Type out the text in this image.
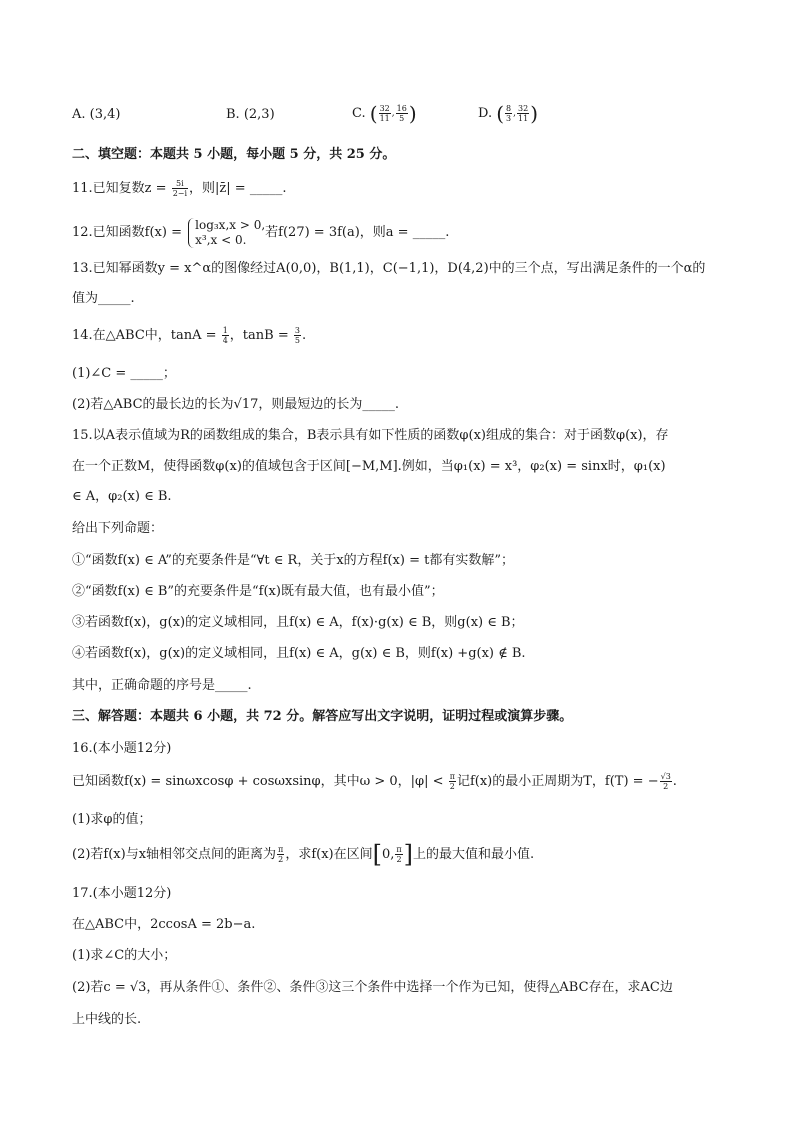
A. (3,4)	B. (2,3)	C. ( $\frac{32}{11}$ , $\frac{16}{5}$ )	D. ( $\frac{8}{3}$ , $\frac{32}{11}$ )
二、填空题：本题共 5 小题，每小题 5 分，共 25 分。
11.已知复数$z = \frac{5i}{2-i}$ ，则|z̄| = _____.
12.已知函数f(x) =
log₃x,x > 0,
x³,x < 0.	若f(27) = 3f(a)，则a = _____.
13.已知幂函数y = x^α的图像经过A(0,0)，B(1,1)，C(−1,1)，D(4,2)中的三个点，写出满足条件的一个α的
值为_____.
14.在△ABC中，$\tan A = \frac{1}{4}$ ，$\tan B = \frac{3}{5}$ .
(1)∠C = _____；
(2)若△ABC的最长边的长为√17，则最短边的长为_____.
15.以A表示值域为R的函数组成的集合，B表示具有如下性质的函数φ(x)组成的集合：对于函数φ(x)，存
在一个正数M，使得函数φ(x)的值域包含于区间[−M,M].例如，当φ₁(x) = x³，φ₂(x) = sinx时，φ₁(x)
∈ A，φ₂(x) ∈ B.
给出下列命题：
①“函数f(x) ∈ A”的充要条件是“∀t ∈ R，关于x的方程f(x) = t都有实数解”；
②“函数f(x) ∈ B”的充要条件是“f(x)既有最大值，也有最小值”；
③若函数f(x)，g(x)的定义域相同，且f(x) ∈ A，f(x)·g(x) ∈ B，则g(x) ∈ B；
④若函数f(x)，g(x)的定义域相同，且f(x) ∈ A，g(x) ∈ B，则f(x) +g(x) ∉ B.
其中，正确命题的序号是_____.
三、解答题：本题共 6 小题，共 72 分。解答应写出文字说明，证明过程或演算步骤。
16.(本小题12分)
已知函数f(x) = sinωxcosφ + cosωxsinφ，其中ω > 0，$|\varphi| < \frac{\pi}{2}$ 记f(x)的最小正周期为T，f(T) = − $\frac{√3}{2}$ .
(1)求φ的值；
(2)若f(x)与x轴相邻交点间的距离为 $\frac{\pi}{2}$ ，求f(x)在区间[0, $\frac{\pi}{2}$ ]上的最大值和最小值.
17.(本小题12分)
在△ABC中，2ccosA = 2b−a.
(1)求∠C的大小；
(2)若c = √3，再从条件①、条件②、条件③这三个条件中选择一个作为已知，使得△ABC存在，求AC边
上中线的长.
